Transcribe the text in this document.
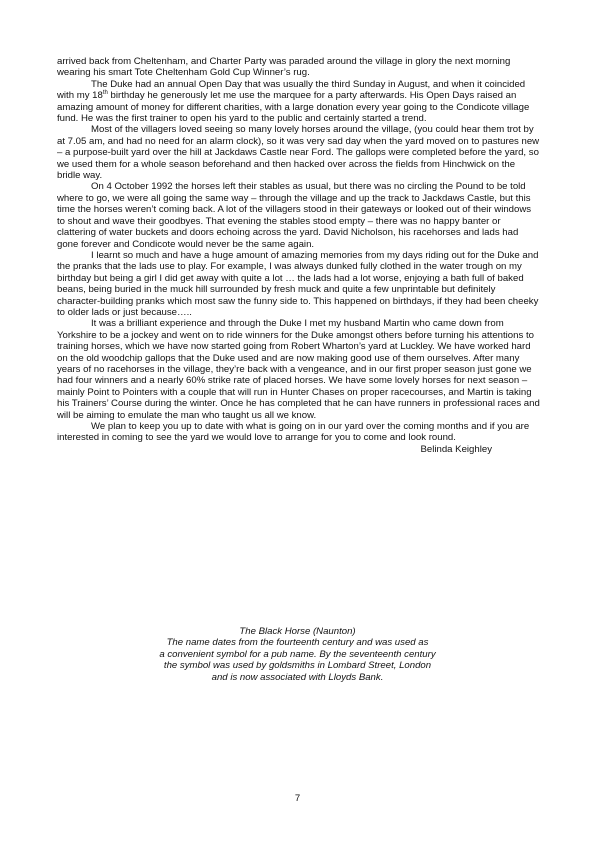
arrived back from Cheltenham, and Charter Party was paraded around the village in glory the next morning wearing his smart Tote Cheltenham Gold Cup Winner’s rug.

The Duke had an annual Open Day that was usually the third Sunday in August, and when it coincided with my 18th birthday he generously let me use the marquee for a party afterwards. His Open Days raised an amazing amount of money for different charities, with a large donation every year going to the Condicote village fund. He was the first trainer to open his yard to the public and certainly started a trend.

Most of the villagers loved seeing so many lovely horses around the village, (you could hear them trot by at 7.05 am, and had no need for an alarm clock), so it was very sad day when the yard moved on to pastures new – a purpose-built yard over the hill at Jackdaws Castle near Ford. The gallops were completed before the yard, so we used them for a whole season beforehand and then hacked over across the fields from Hinchwick on the bridle way.

On 4 October 1992 the horses left their stables as usual, but there was no circling the Pound to be told where to go, we were all going the same way – through the village and up the track to Jackdaws Castle, but this time the horses weren’t coming back. A lot of the villagers stood in their gateways or looked out of their windows to shout and wave their goodbyes. That evening the stables stood empty – there was no happy banter or clattering of water buckets and doors echoing across the yard. David Nicholson, his racehorses and lads had gone forever and Condicote would never be the same again.

I learnt so much and have a huge amount of amazing memories from my days riding out for the Duke and the pranks that the lads use to play. For example, I was always dunked fully clothed in the water trough on my birthday but being a girl I did get away with quite a lot … the lads had a lot worse, enjoying a bath full of baked beans, being buried in the muck hill surrounded by fresh muck and quite a few unprintable but definitely character-building pranks which most saw the funny side to. This happened on birthdays, if they had been cheeky to older lads or just because…..

It was a brilliant experience and through the Duke I met my husband Martin who came down from Yorkshire to be a jockey and went on to ride winners for the Duke amongst others before turning his attentions to training horses, which we have now started going from Robert Wharton’s yard at Luckley. We have worked hard on the old woodchip gallops that the Duke used and are now making good use of them ourselves. After many years of no racehorses in the village, they’re back with a vengeance, and in our first proper season just gone we had four winners and a nearly 60% strike rate of placed horses. We have some lovely horses for next season – mainly Point to Pointers with a couple that will run in Hunter Chases on proper racecourses, and Martin is taking his Trainers’ Course during the winter. Once he has completed that he can have runners in professional races and will be aiming to emulate the man who taught us all we know.

We plan to keep you up to date with what is going on in our yard over the coming months and if you are interested in coming to see the yard we would love to arrange for you to come and look round.

Belinda Keighley

The Black Horse (Naunton)
The name dates from the fourteenth century and was used as
a convenient symbol for a pub name. By the seventeenth century
the symbol was used by goldsmiths in Lombard Street, London
and is now associated with Lloyds Bank.
7
